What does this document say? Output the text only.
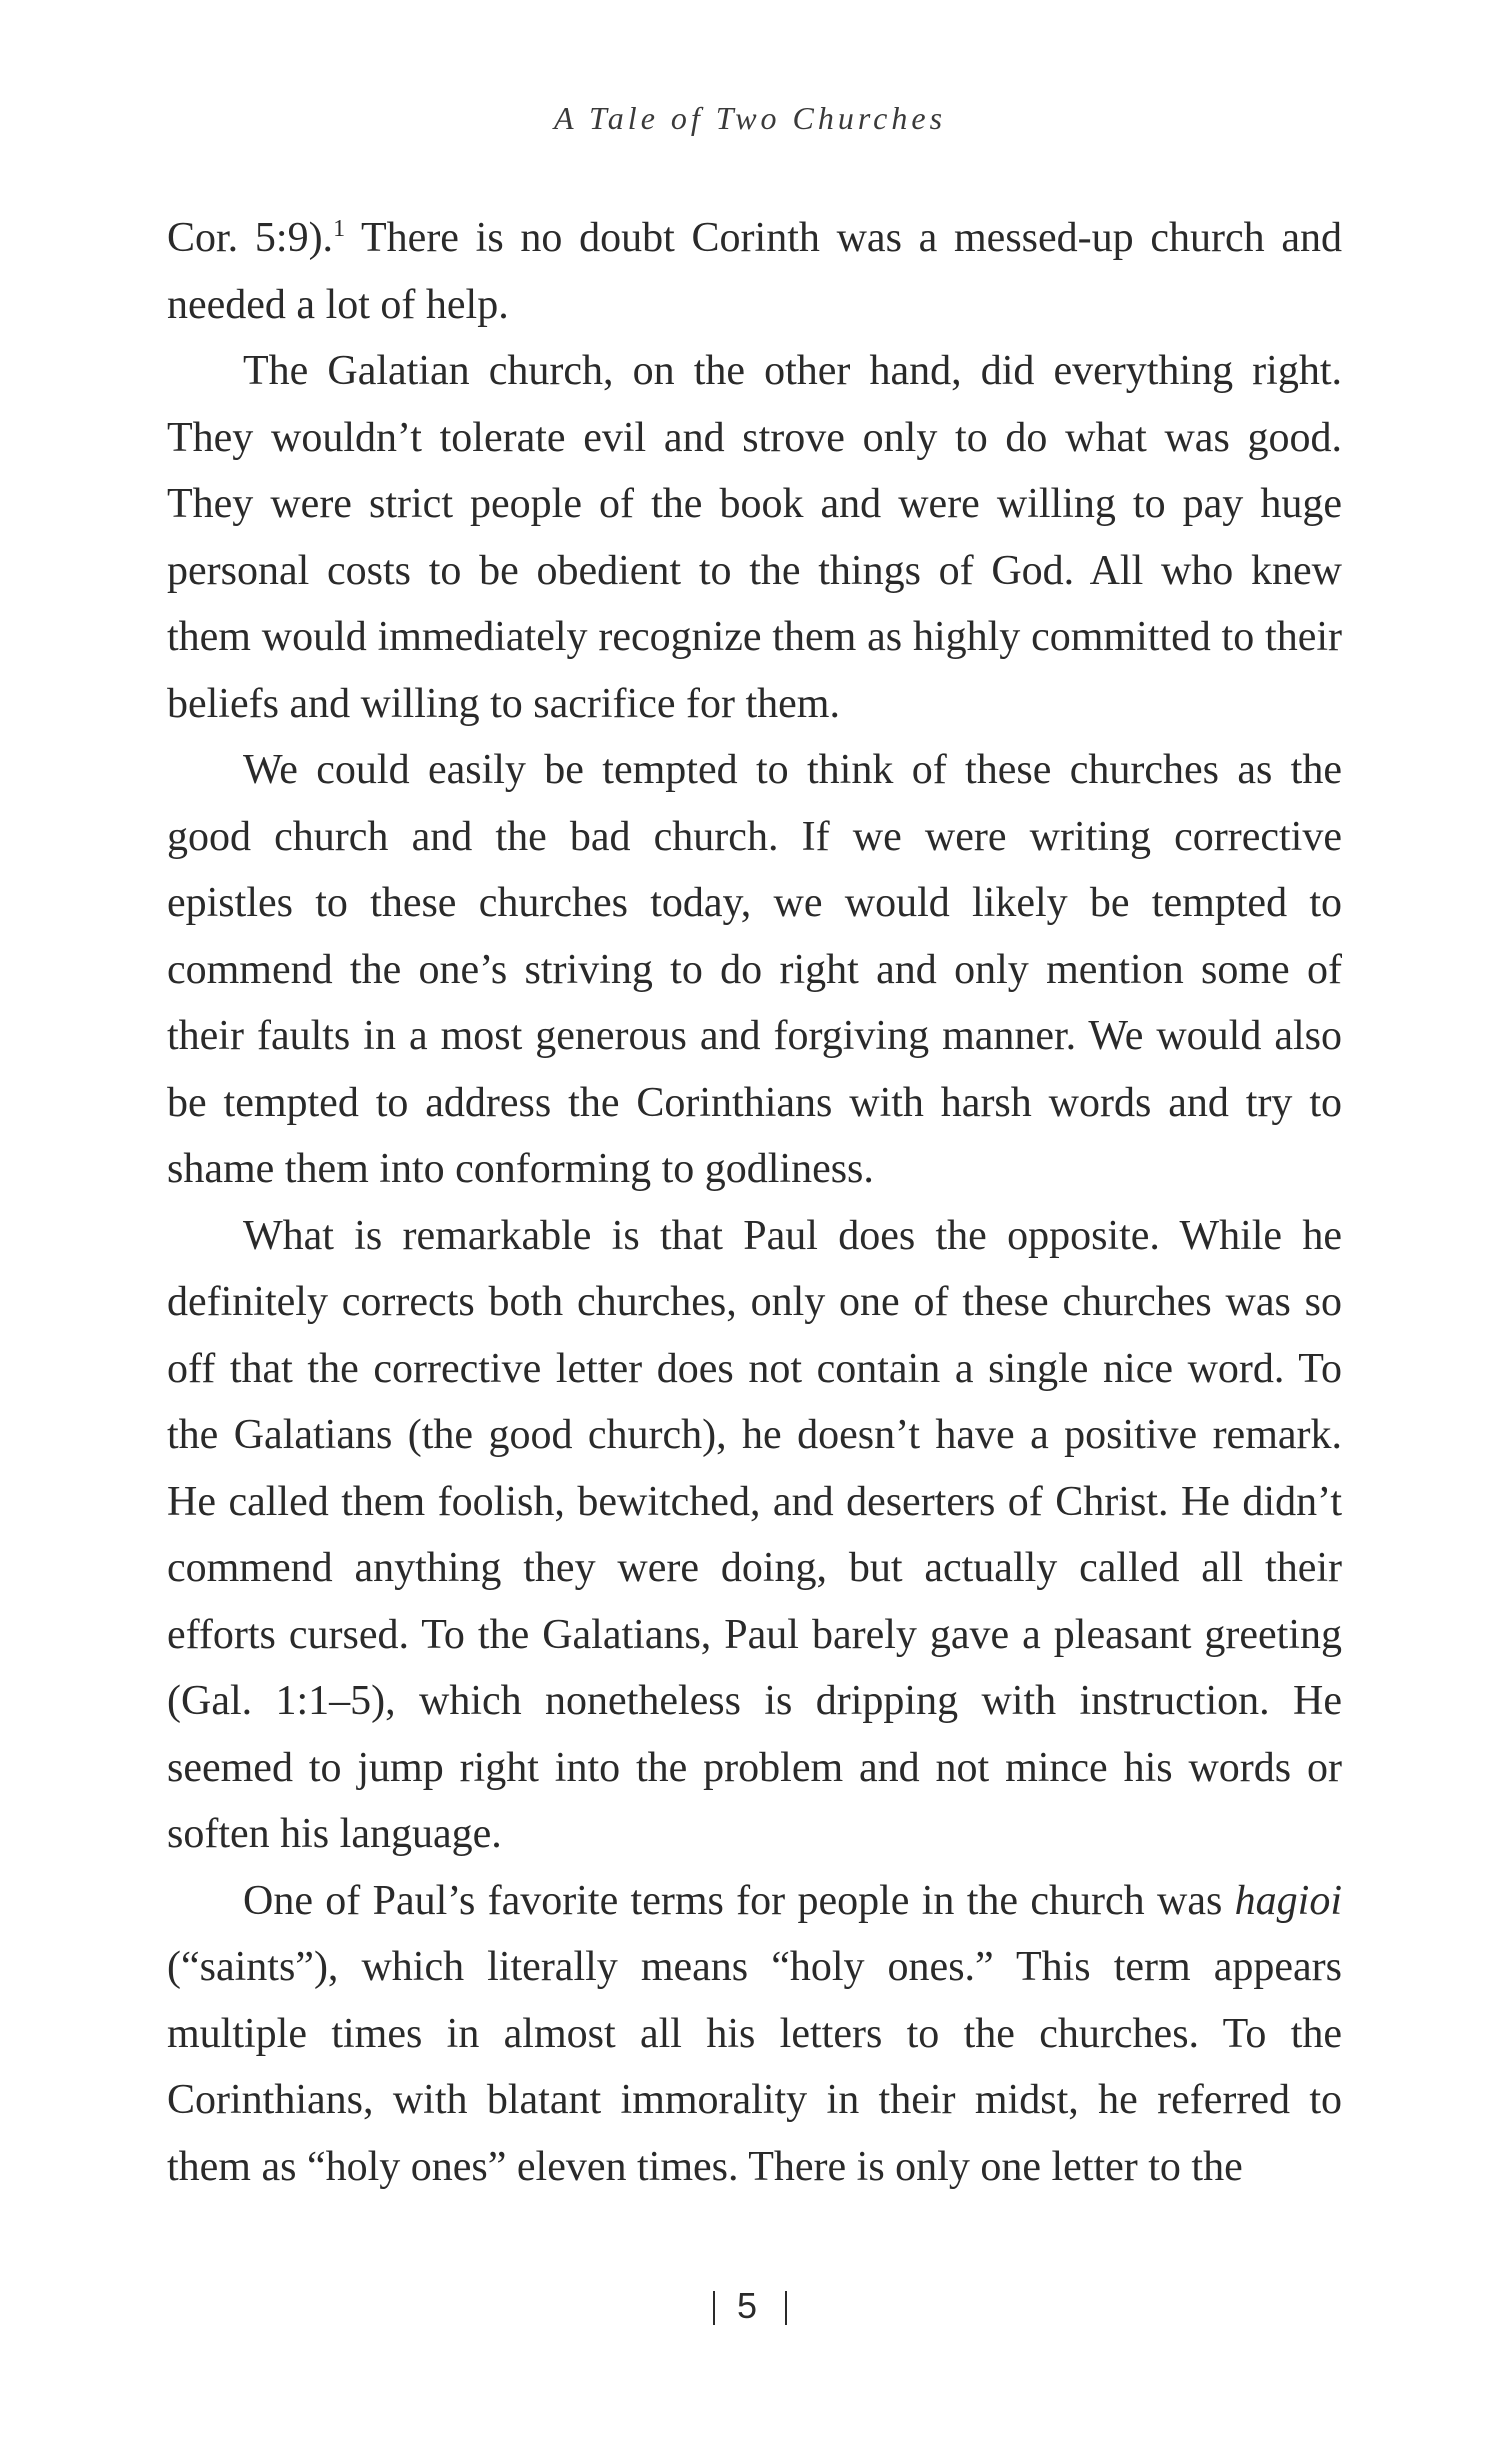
A Tale of Two Churches

Cor. 5:9).$^1$ There is no doubt Corinth was a messed-up church and needed a lot of help.

The Galatian church, on the other hand, did everything right. They wouldn’t tolerate evil and strove only to do what was good. They were strict people of the book and were willing to pay huge personal costs to be obedient to the things of God. All who knew them would immediately recognize them as highly committed to their beliefs and willing to sacrifice for them.

We could easily be tempted to think of these churches as the good church and the bad church. If we were writing corrective epistles to these churches today, we would likely be tempted to commend the one’s striving to do right and only mention some of their faults in a most generous and forgiving manner. We would also be tempted to address the Corinthians with harsh words and try to shame them into conforming to godliness.

What is remarkable is that Paul does the opposite. While he definitely corrects both churches, only one of these churches was so off that the corrective letter does not contain a single nice word. To the Galatians (the good church), he doesn’t have a positive remark. He called them foolish, bewitched, and deserters of Christ. He didn’t commend anything they were doing, but actually called all their efforts cursed. To the Galatians, Paul barely gave a pleasant greeting (Gal. 1:1–5), which nonetheless is dripping with instruction. He seemed to jump right into the problem and not mince his words or soften his language.

One of Paul’s favorite terms for people in the church was hagioi (“saints”), which literally means “holy ones.” This term appears multiple times in almost all his letters to the churches. To the Corinthians, with blatant immorality in their midst, he referred to them as “holy ones” eleven times. There is only one letter to the

5
